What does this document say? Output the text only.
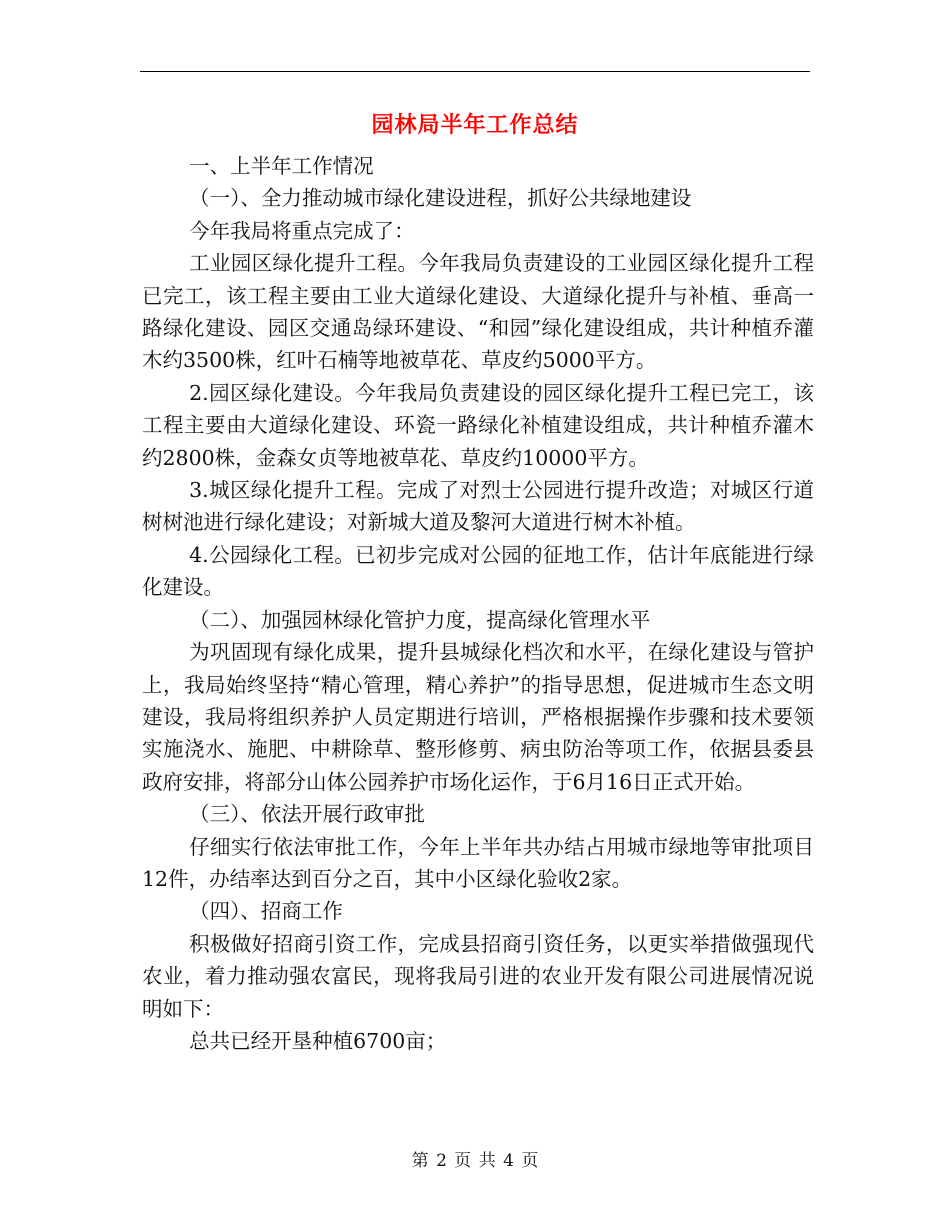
园林局半年工作总结

一、上半年工作情况

（一）、全力推动城市绿化建设进程，抓好公共绿地建设

今年我局将重点完成了：

工业园区绿化提升工程。今年我局负责建设的工业园区绿化提升工程已完工，该工程主要由工业大道绿化建设、大道绿化提升与补植、垂高一路绿化建设、园区交通岛绿环建设、“和园”绿化建设组成，共计种植乔灌木约3500株，红叶石楠等地被草花、草皮约5000平方。

2.园区绿化建设。今年我局负责建设的园区绿化提升工程已完工，该工程主要由大道绿化建设、环瓷一路绿化补植建设组成，共计种植乔灌木约2800株，金森女贞等地被草花、草皮约10000平方。

3.城区绿化提升工程。完成了对烈士公园进行提升改造；对城区行道树树池进行绿化建设；对新城大道及黎河大道进行树木补植。

4.公园绿化工程。已初步完成对公园的征地工作，估计年底能进行绿化建设。

（二）、加强园林绿化管护力度，提高绿化管理水平

为巩固现有绿化成果，提升县城绿化档次和水平，在绿化建设与管护上，我局始终坚持“精心管理，精心养护”的指导思想，促进城市生态文明建设，我局将组织养护人员定期进行培训，严格根据操作步骤和技术要领实施浇水、施肥、中耕除草、整形修剪、病虫防治等项工作，依据县委县政府安排，将部分山体公园养护市场化运作，于6月16日正式开始。

（三）、依法开展行政审批

仔细实行依法审批工作，今年上半年共办结占用城市绿地等审批项目12件，办结率达到百分之百，其中小区绿化验收2家。

（四）、招商工作

积极做好招商引资工作，完成县招商引资任务，以更实举措做强现代农业，着力推动强农富民，现将我局引进的农业开发有限公司进展情况说明如下：

总共已经开垦种植6700亩；

第 2 页 共 4 页
